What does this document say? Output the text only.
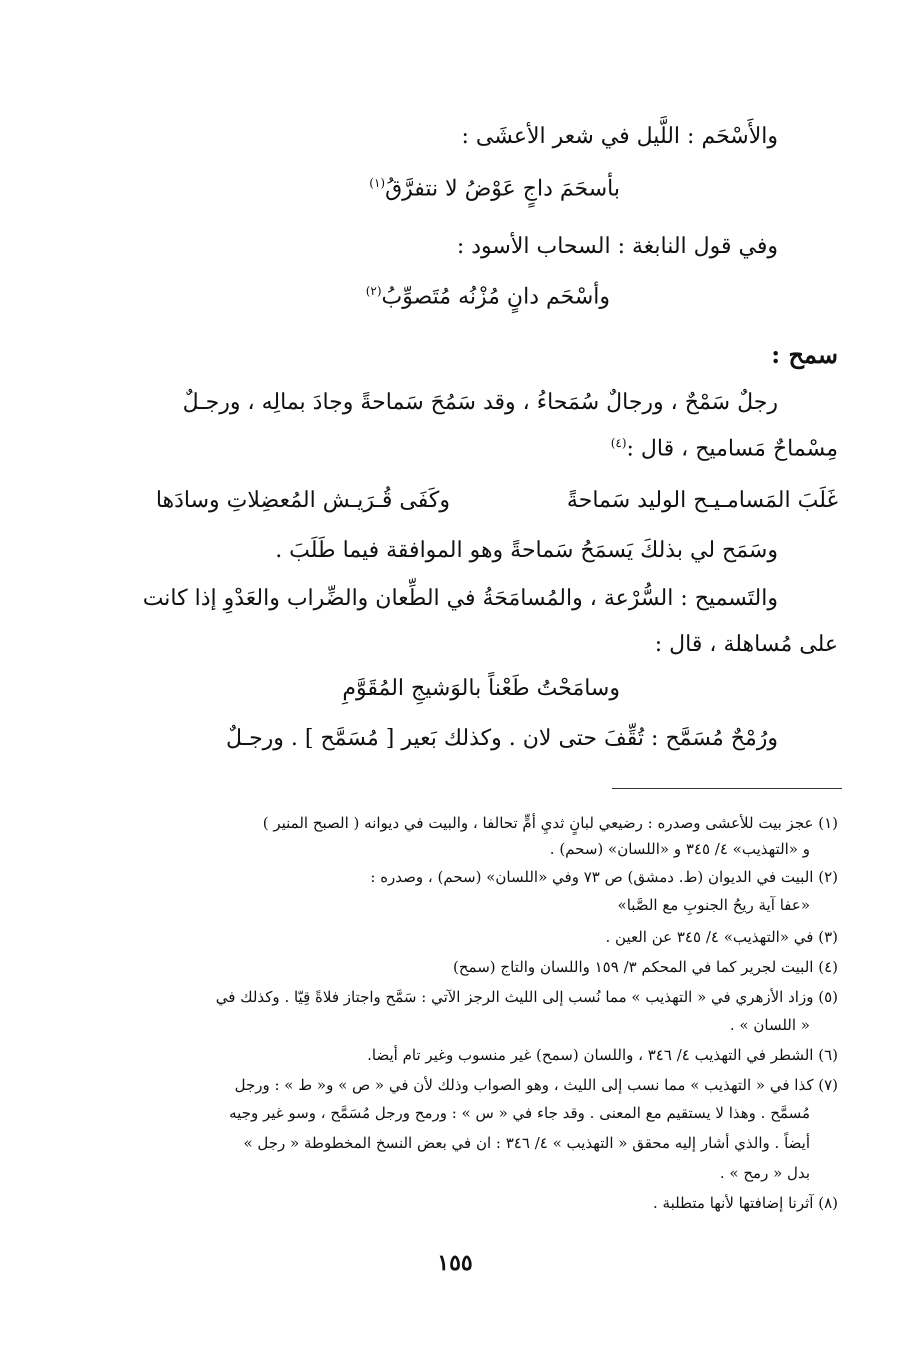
والأَسْحَم : اللَّيل في شعر الأعشَى :
بأسحَمَ داجٍ عَوْضُ لا نتفرَّقُ$^{(١)}$
وفي قول النابغة : السحاب الأسود :
وأسْحَم دانٍ مُزْنُه مُتَصوِّبُ$^{(٢)}$
سمح :
رجلٌ سَمْحٌ ، ورجالٌ سُمَحاءُ ، وقد سَمُحَ سَماحةً وجادَ بمالِه ، ورجـلٌ
مِسْماحٌ مَساميح ، قال :$^{(٤)}$
غَلَبَ المَسامـيـح الوليد سَماحةً
وكَفَى قُـرَيـش المُعضِلاتِ وسادَها
وسَمَح لي بذلكَ يَسمَحُ سَماحةً وهو الموافقة فيما طَلَبَ .
والتَسميح : السُّرْعة ، والمُسامَحَةُ في الطِّعان والضِّراب والعَدْوِ إذا كانت
على مُساهلة ، قال :
وسامَحْتُ طَعْناً بالوَشيجِ المُقَوَّمِ
ورُمْحٌ مُسَمَّح : تُقِّفَ حتى لان . وكذلك بَعير [ مُسَمَّح ] . ورجـلٌ
(١) عجز بيت للأعشى وصدره : رضيعي لبانٍ ثديِ أمٍّ تحالفا ، والبيت في ديوانه ( الصبح المنير )
و «التهذيب» ٤/ ٣٤٥ و «اللسان» (سحم) .
(٢) البيت في الديوان (ط. دمشق) ص ٧٣ وفي «اللسان» (سحم) ، وصدره :
«عفا آية ريحُ الجنوبِ مع الصَّبا»
(٣) في «التهذيب» ٤/ ٣٤٥ عن العين .
(٤) البيت لجرير كما في المحكم ٣/ ١٥٩ واللسان والتاج (سمح)
(٥) وزاد الأزهري في « التهذيب » مما نُسب إلى الليث الرجز الآتي : سَمَّح واجتاز فلاةً قِيّا . وكذلك في
« اللسان » .
(٦) الشطر في التهذيب ٤/ ٣٤٦ ، واللسان (سمح) غير منسوب وغير تام أيضا.
(٧) كذا في « التهذيب » مما نسب إلى الليث ، وهو الصواب وذلك لأن في « ص » و« ط » : ورجل
مُسمَّح . وهذا لا يستقيم مع المعنى . وقد جاء في « س » : ورمح ورجل مُسَمَّح ، وسو غير وجيه
أيضاً . والذي أشار إليه محقق « التهذيب » ٤/ ٣٤٦ : ان في بعض النسخ المخطوطة « رجل »
بدل « رمح » .
(٨) آثرنا إضافتها لأنها متطلبة .
١٥٥
